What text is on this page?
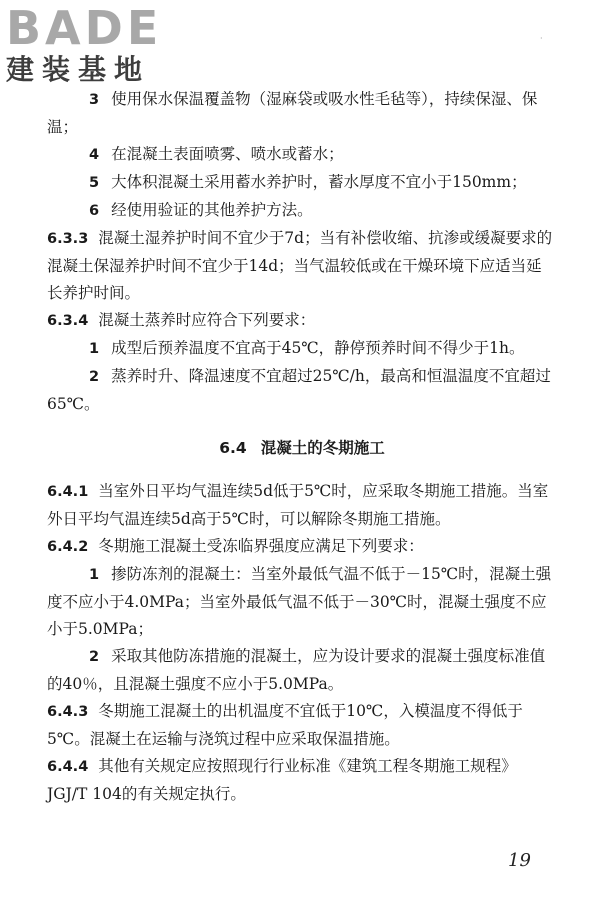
BADE
建装基地
·

3 使用保水保温覆盖物（湿麻袋或吸水性毛毡等），持续保湿、保温；

4 在混凝土表面喷雾、喷水或蓄水；

5 大体积混凝土采用蓄水养护时，蓄水厚度不宜小于150mm；

6 经使用验证的其他养护方法。

6.3.3 混凝土湿养护时间不宜少于7d；当有补偿收缩、抗渗或缓凝要求的混凝土保湿养护时间不宜少于14d；当气温较低或在干燥环境下应适当延长养护时间。

6.3.4 混凝土蒸养时应符合下列要求：

1 成型后预养温度不宜高于45℃，静停预养时间不得少于1h。

2 蒸养时升、降温速度不宜超过25℃/h，最高和恒温温度不宜超过65℃。

6.4 混凝土的冬期施工

6.4.1 当室外日平均气温连续5d低于5℃时，应采取冬期施工措施。当室外日平均气温连续5d高于5℃时，可以解除冬期施工措施。

6.4.2 冬期施工混凝土受冻临界强度应满足下列要求：

1 掺防冻剂的混凝土：当室外最低气温不低于－15℃时，混凝土强度不应小于4.0MPa；当室外最低气温不低于－30℃时，混凝土强度不应小于5.0MPa；

2 采取其他防冻措施的混凝土，应为设计要求的混凝土强度标准值的40％，且混凝土强度不应小于5.0MPa。

6.4.3 冬期施工混凝土的出机温度不宜低于10℃，入模温度不得低于5℃。混凝土在运输与浇筑过程中应采取保温措施。

6.4.4 其他有关规定应按照现行行业标准《建筑工程冬期施工规程》JGJ/T 104的有关规定执行。

19
